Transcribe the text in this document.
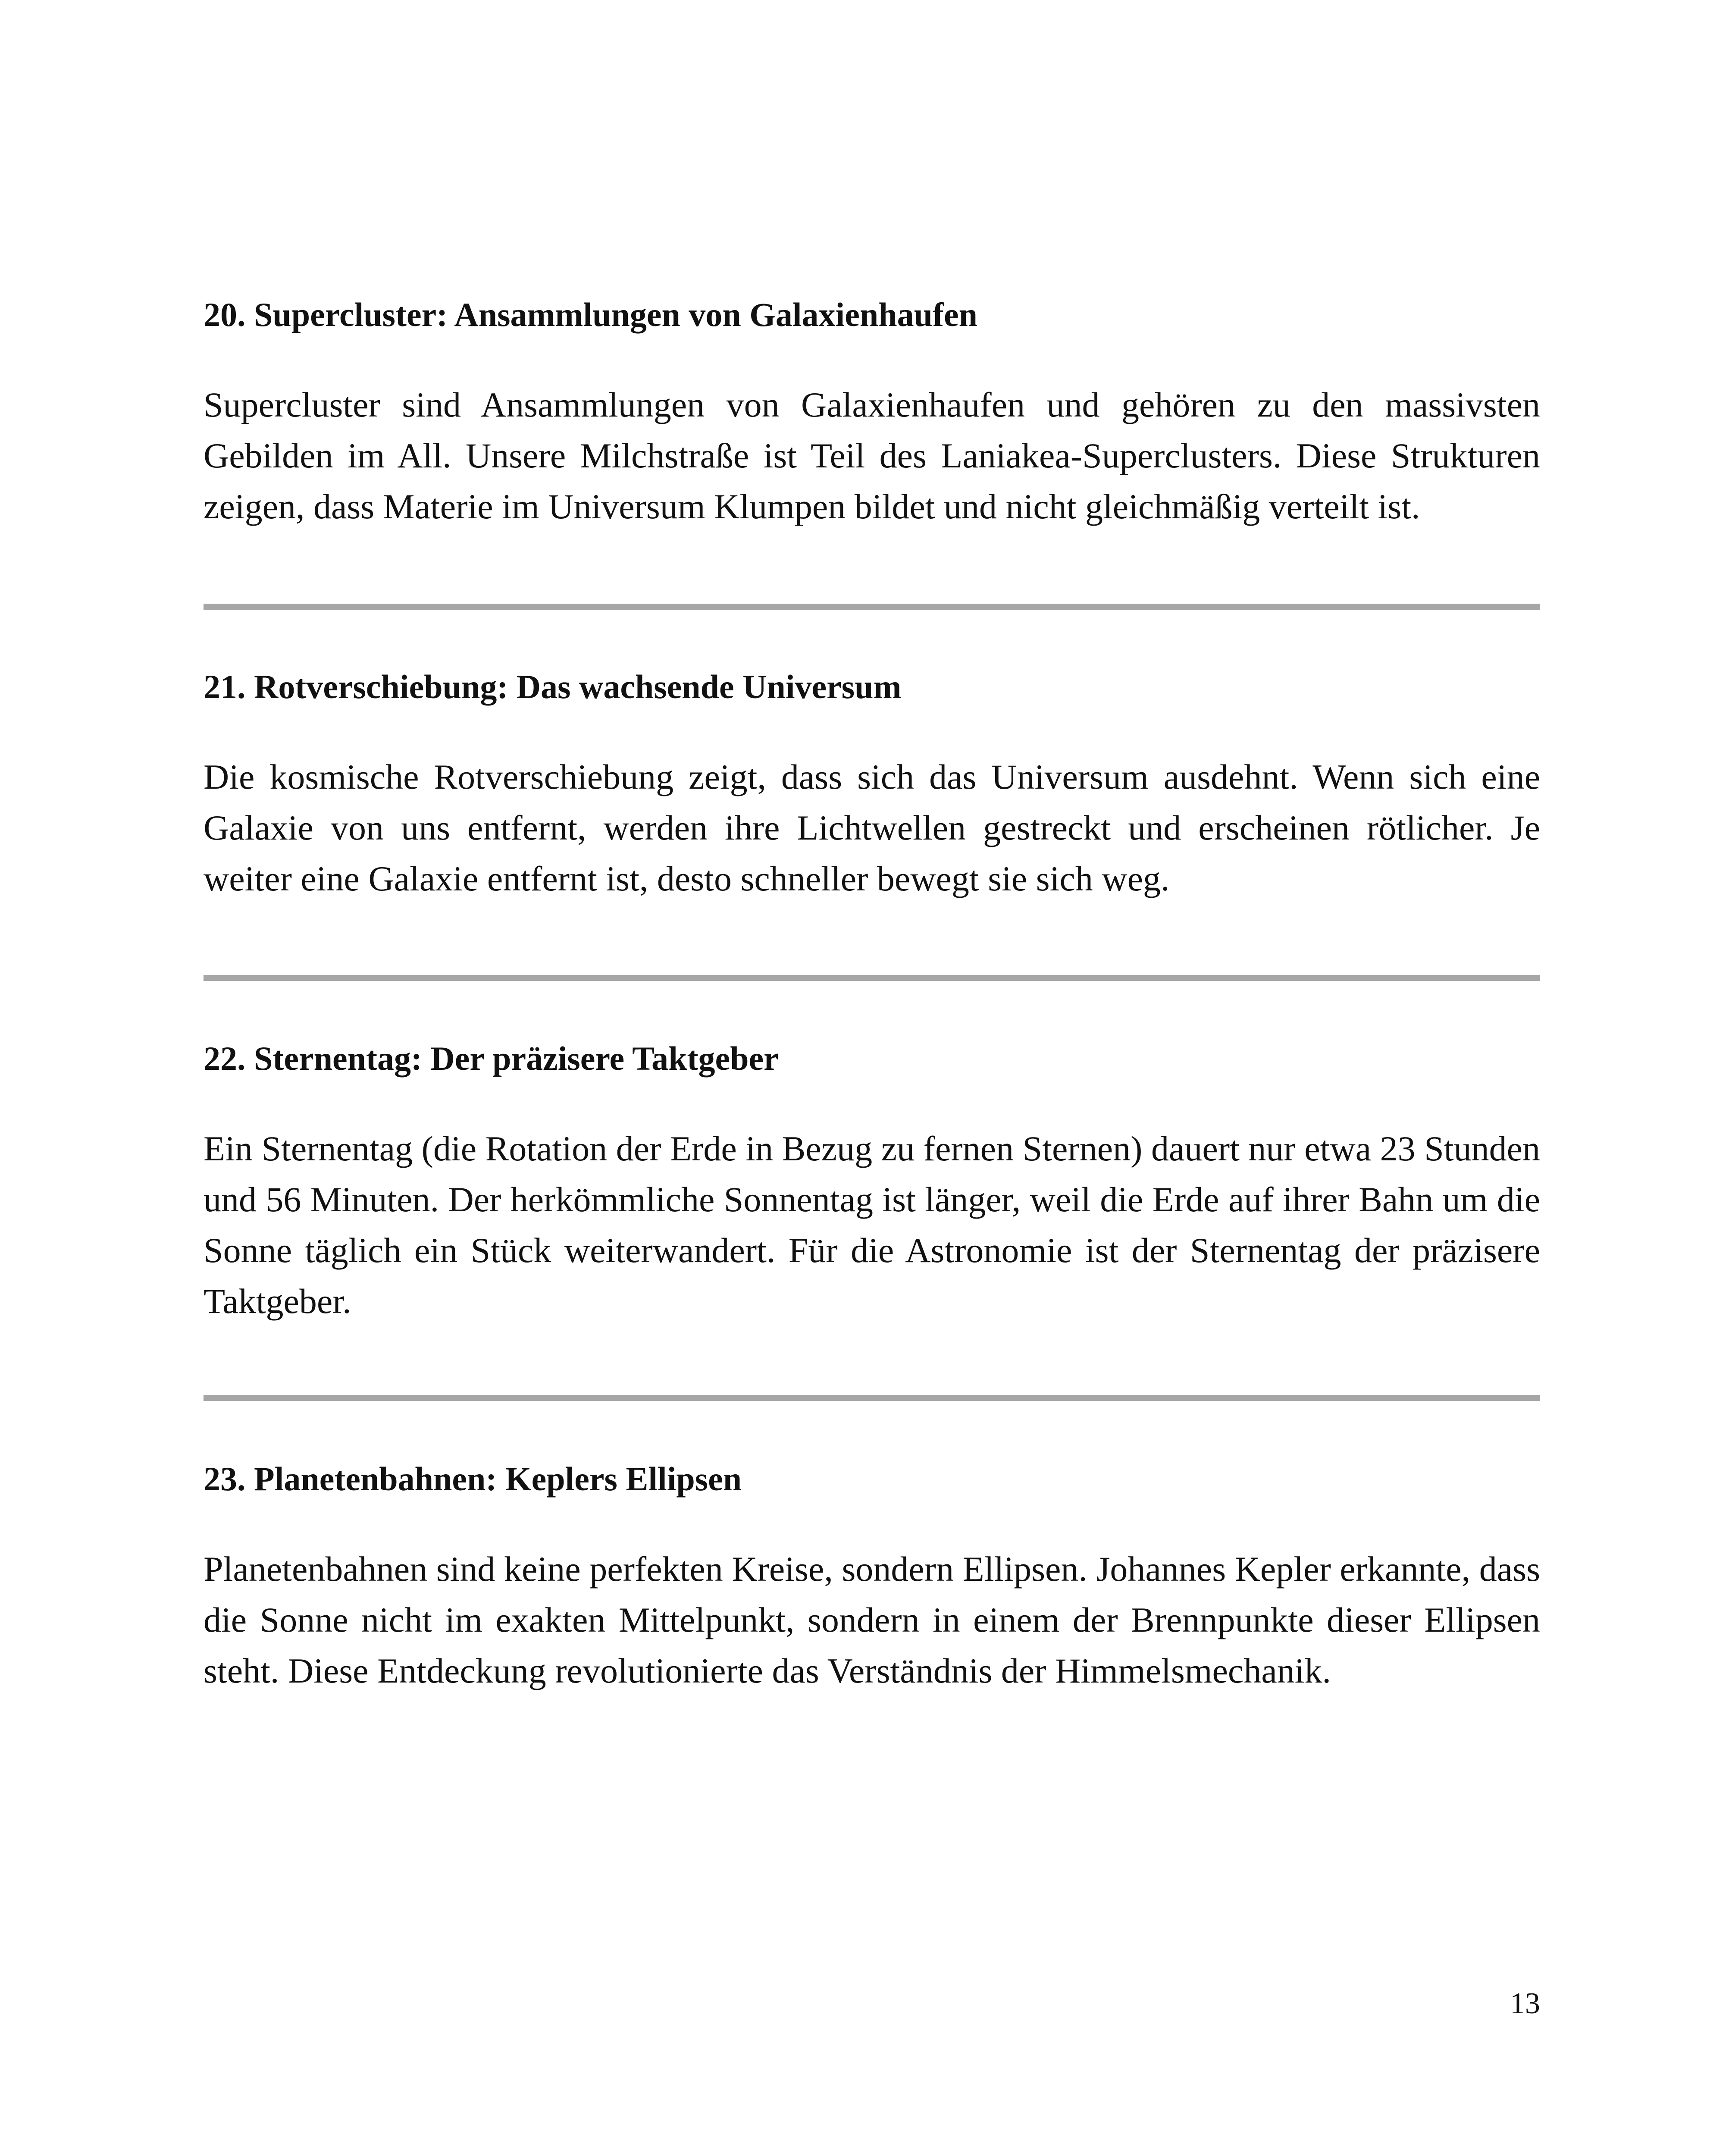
20. Supercluster: Ansammlungen von Galaxienhaufen

Supercluster sind Ansammlungen von Galaxienhaufen und gehören zu den massivsten Gebilden im All. Unsere Milchstraße ist Teil des Laniakea-Superclusters. Diese Strukturen zeigen, dass Materie im Universum Klumpen bildet und nicht gleichmäßig verteilt ist.

21. Rotverschiebung: Das wachsende Universum

Die kosmische Rotverschiebung zeigt, dass sich das Universum ausdehnt. Wenn sich eine Galaxie von uns entfernt, werden ihre Lichtwellen gestreckt und erscheinen rötlicher. Je weiter eine Galaxie entfernt ist, desto schneller bewegt sie sich weg.

22. Sternentag: Der präzisere Taktgeber

Ein Sternentag (die Rotation der Erde in Bezug zu fernen Sternen) dauert nur etwa 23 Stunden und 56 Minuten. Der herkömmliche Sonnentag ist länger, weil die Erde auf ihrer Bahn um die Sonne täglich ein Stück weiterwandert. Für die Astronomie ist der Sternentag der präzisere Taktgeber.

23. Planetenbahnen: Keplers Ellipsen

Planetenbahnen sind keine perfekten Kreise, sondern Ellipsen. Johannes Kepler erkannte, dass die Sonne nicht im exakten Mittelpunkt, sondern in einem der Brennpunkte dieser Ellipsen steht. Diese Entdeckung revolutionierte das Verständnis der Himmelsmechanik.

13
